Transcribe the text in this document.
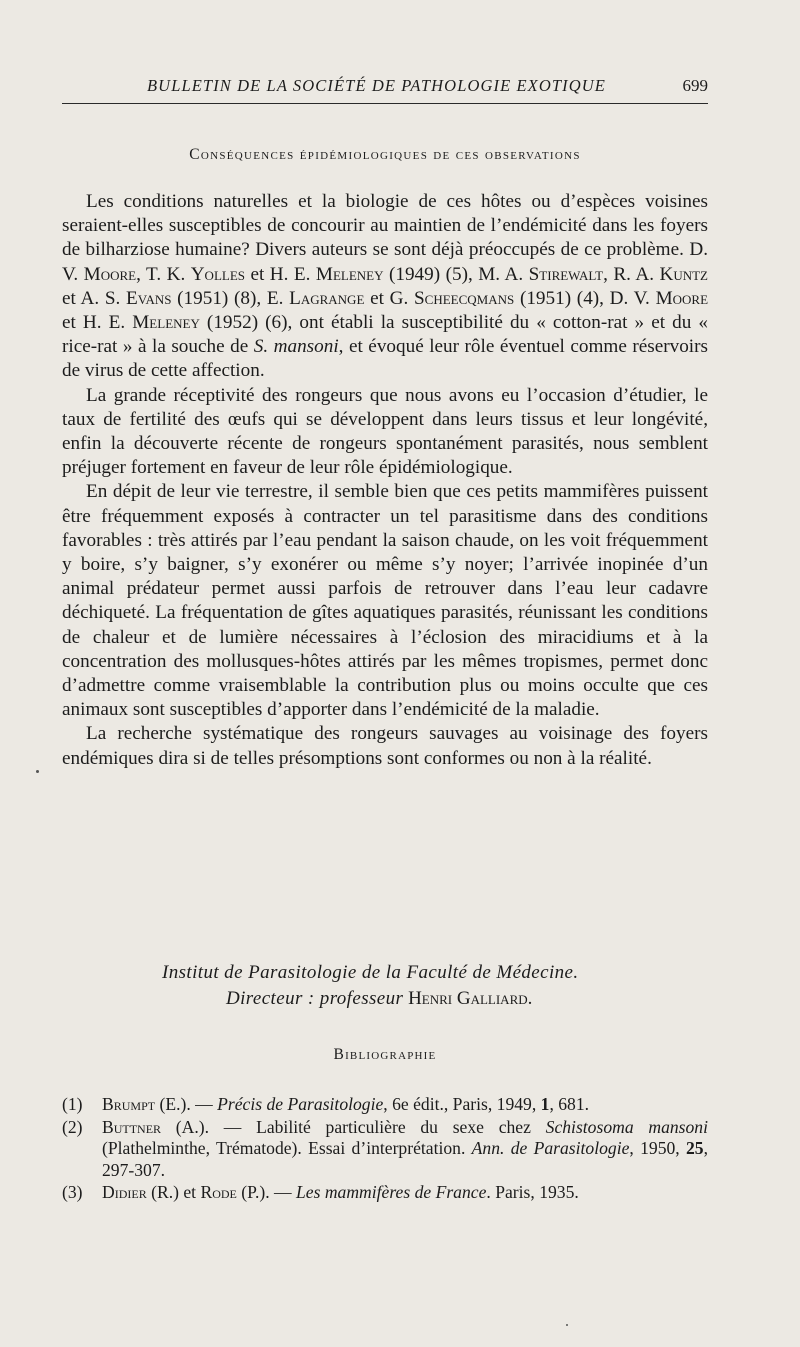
BULLETIN DE LA SOCIÉTÉ DE PATHOLOGIE EXOTIQUE	699
Conséquences épidémiologiques de ces observations

Les conditions naturelles et la biologie de ces hôtes ou d’espèces voisines seraient-elles susceptibles de concourir au maintien de l’endémicité dans les foyers de bilharziose humaine? Divers auteurs se sont déjà préoccupés de ce problème. D. V. Moore, T. K. Yolles et H. E. Meleney (1949) (5), M. A. Stirewalt, R. A. Kuntz et A. S. Evans (1951) (8), E. Lagrange et G. Scheecqmans (1951) (4), D. V. Moore et H. E. Meleney (1952) (6), ont établi la susceptibilité du « cotton-rat » et du « rice-rat » à la souche de S. mansoni, et évoqué leur rôle éventuel comme réservoirs de virus de cette affection.

La grande réceptivité des rongeurs que nous avons eu l’occasion d’étudier, le taux de fertilité des œufs qui se développent dans leurs tissus et leur longévité, enfin la découverte récente de rongeurs spontanément parasités, nous semblent préjuger fortement en faveur de leur rôle épidémiologique.

En dépit de leur vie terrestre, il semble bien que ces petits mammifères puissent être fréquemment exposés à contracter un tel parasitisme dans des conditions favorables : très attirés par l’eau pendant la saison chaude, on les voit fréquemment y boire, s’y baigner, s’y exonérer ou même s’y noyer; l’arrivée inopinée d’un animal prédateur permet aussi parfois de retrouver dans l’eau leur cadavre déchiqueté. La fréquentation de gîtes aquatiques parasités, réunissant les conditions de chaleur et de lumière nécessaires à l’éclosion des miracidiums et à la concentration des mollusques-hôtes attirés par les mêmes tropismes, permet donc d’admettre comme vraisemblable la contribution plus ou moins occulte que ces animaux sont susceptibles d’apporter dans l’endémicité de la maladie.

La recherche systématique des rongeurs sauvages au voisinage des foyers endémiques dira si de telles présomptions sont conformes ou non à la réalité.

Institut de Parasitologie de la Faculté de Médecine.
Directeur : professeur Henri Galliard.
Bibliographie
(1) Brumpt (E.). — Précis de Parasitologie, 6e édit., Paris, 1949, 1, 681.
(2) Buttner (A.). — Labilité particulière du sexe chez Schistosoma mansoni (Plathelminthe, Trématode). Essai d’interprétation. Ann. de Parasitologie, 1950, 25, 297-307.
(3) Didier (R.) et Rode (P.). — Les mammifères de France. Paris, 1935.
